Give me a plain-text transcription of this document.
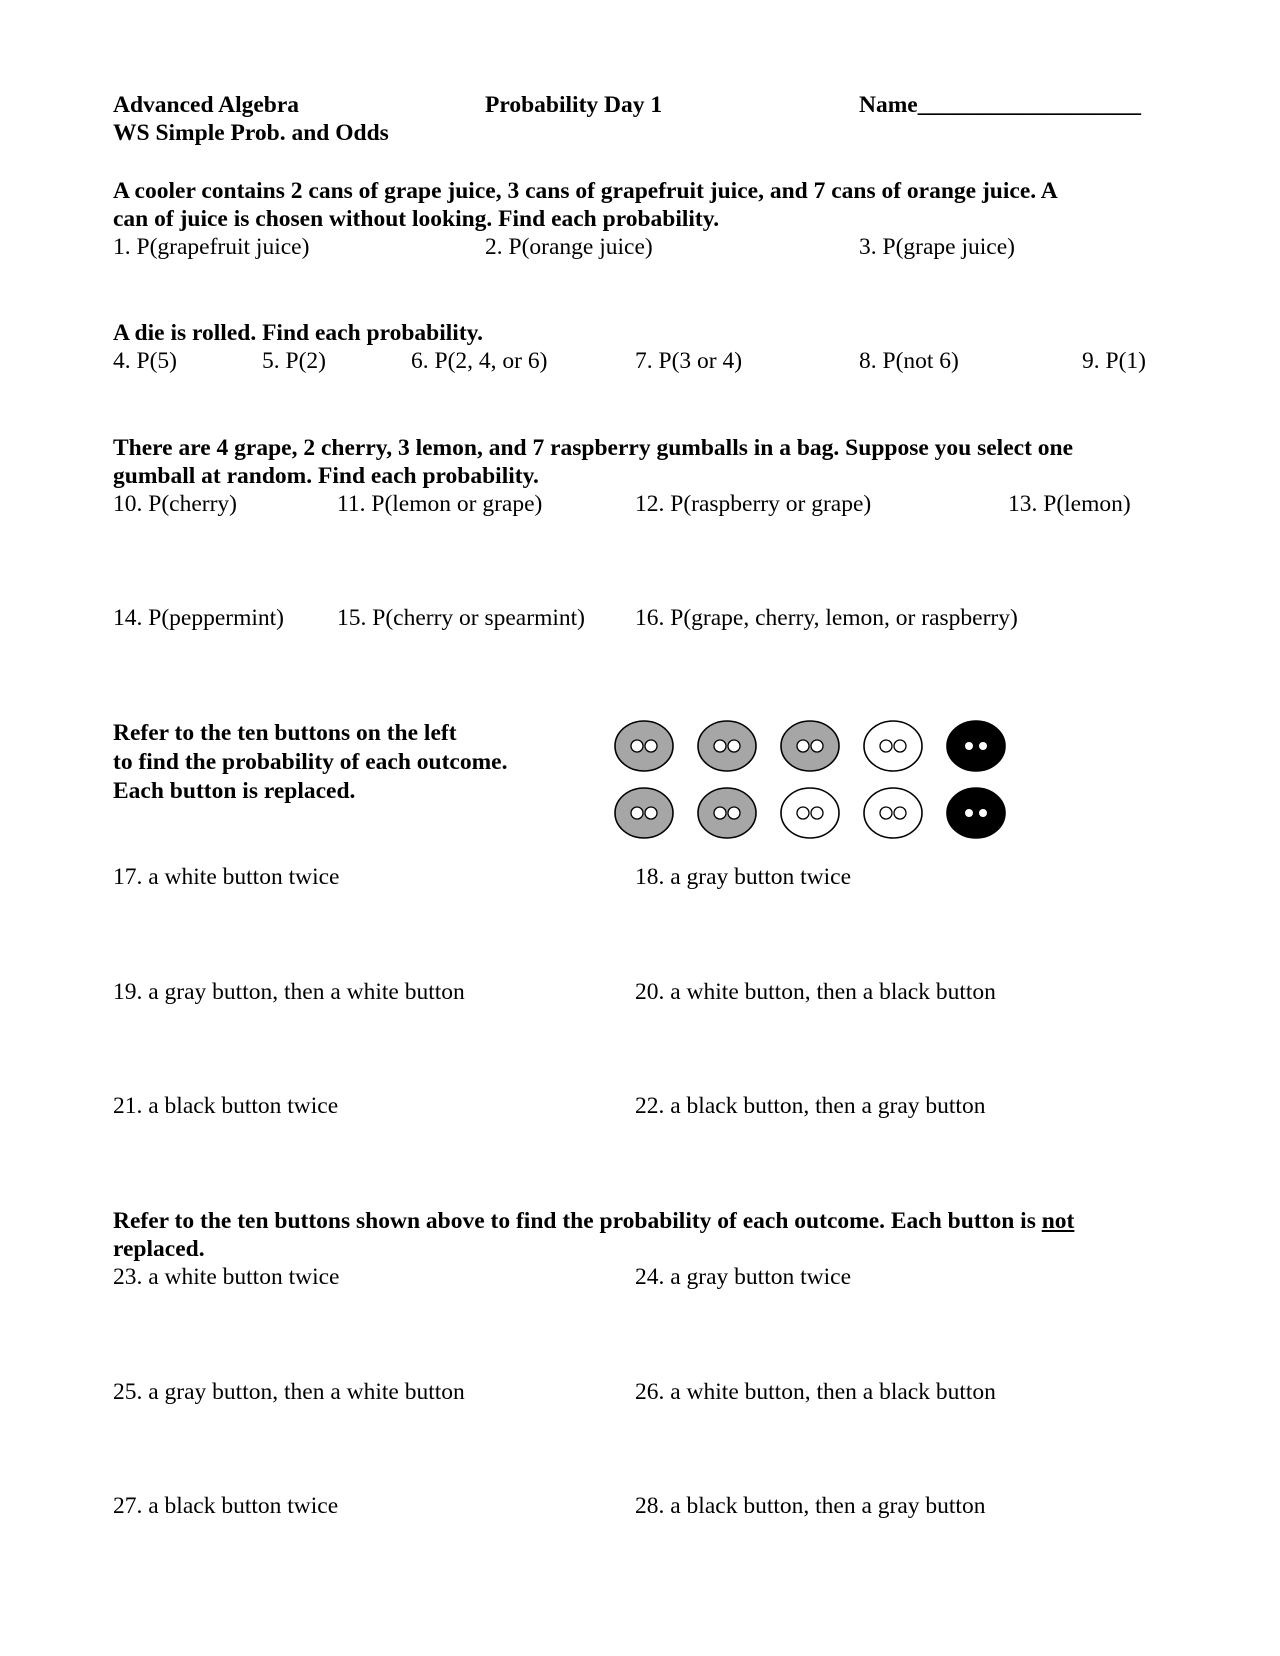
Advanced Algebra
WS Simple Prob. and Odds
Probability Day 1	Name___________________
A cooler contains 2 cans of grape juice, 3 cans of grapefruit juice, and 7 cans of orange juice. A
can of juice is chosen without looking. Find each probability.
1. P(grapefruit juice)	2. P(orange juice)	3. P(grape juice)
A die is rolled. Find each probability.
4. P(5)	5. P(2)	6. P(2, 4, or 6)	7. P(3 or 4)	8. P(not 6)	9. P(1)
There are 4 grape, 2 cherry, 3 lemon, and 7 raspberry gumballs in a bag. Suppose you select one
gumball at random. Find each probability.
10. P(cherry)	11. P(lemon or grape)	12. P(raspberry or grape)	13. P(lemon)
14. P(peppermint) 15. P(cherry or spearmint) 16. P(grape, cherry, lemon, or raspberry)
Refer to the ten buttons on the left
to find the probability of each outcome.
Each button is replaced.
17. a white button twice	18. a gray button twice
19. a gray button, then a white button	20. a white button, then a black button
21. a black button twice	22. a black button, then a gray button
Refer to the ten buttons shown above to find the probability of each outcome. Each button is not
replaced.
23. a white button twice	24. a gray button twice
25. a gray button, then a white button	26. a white button, then a black button
27. a black button twice	28. a black button, then a gray button
